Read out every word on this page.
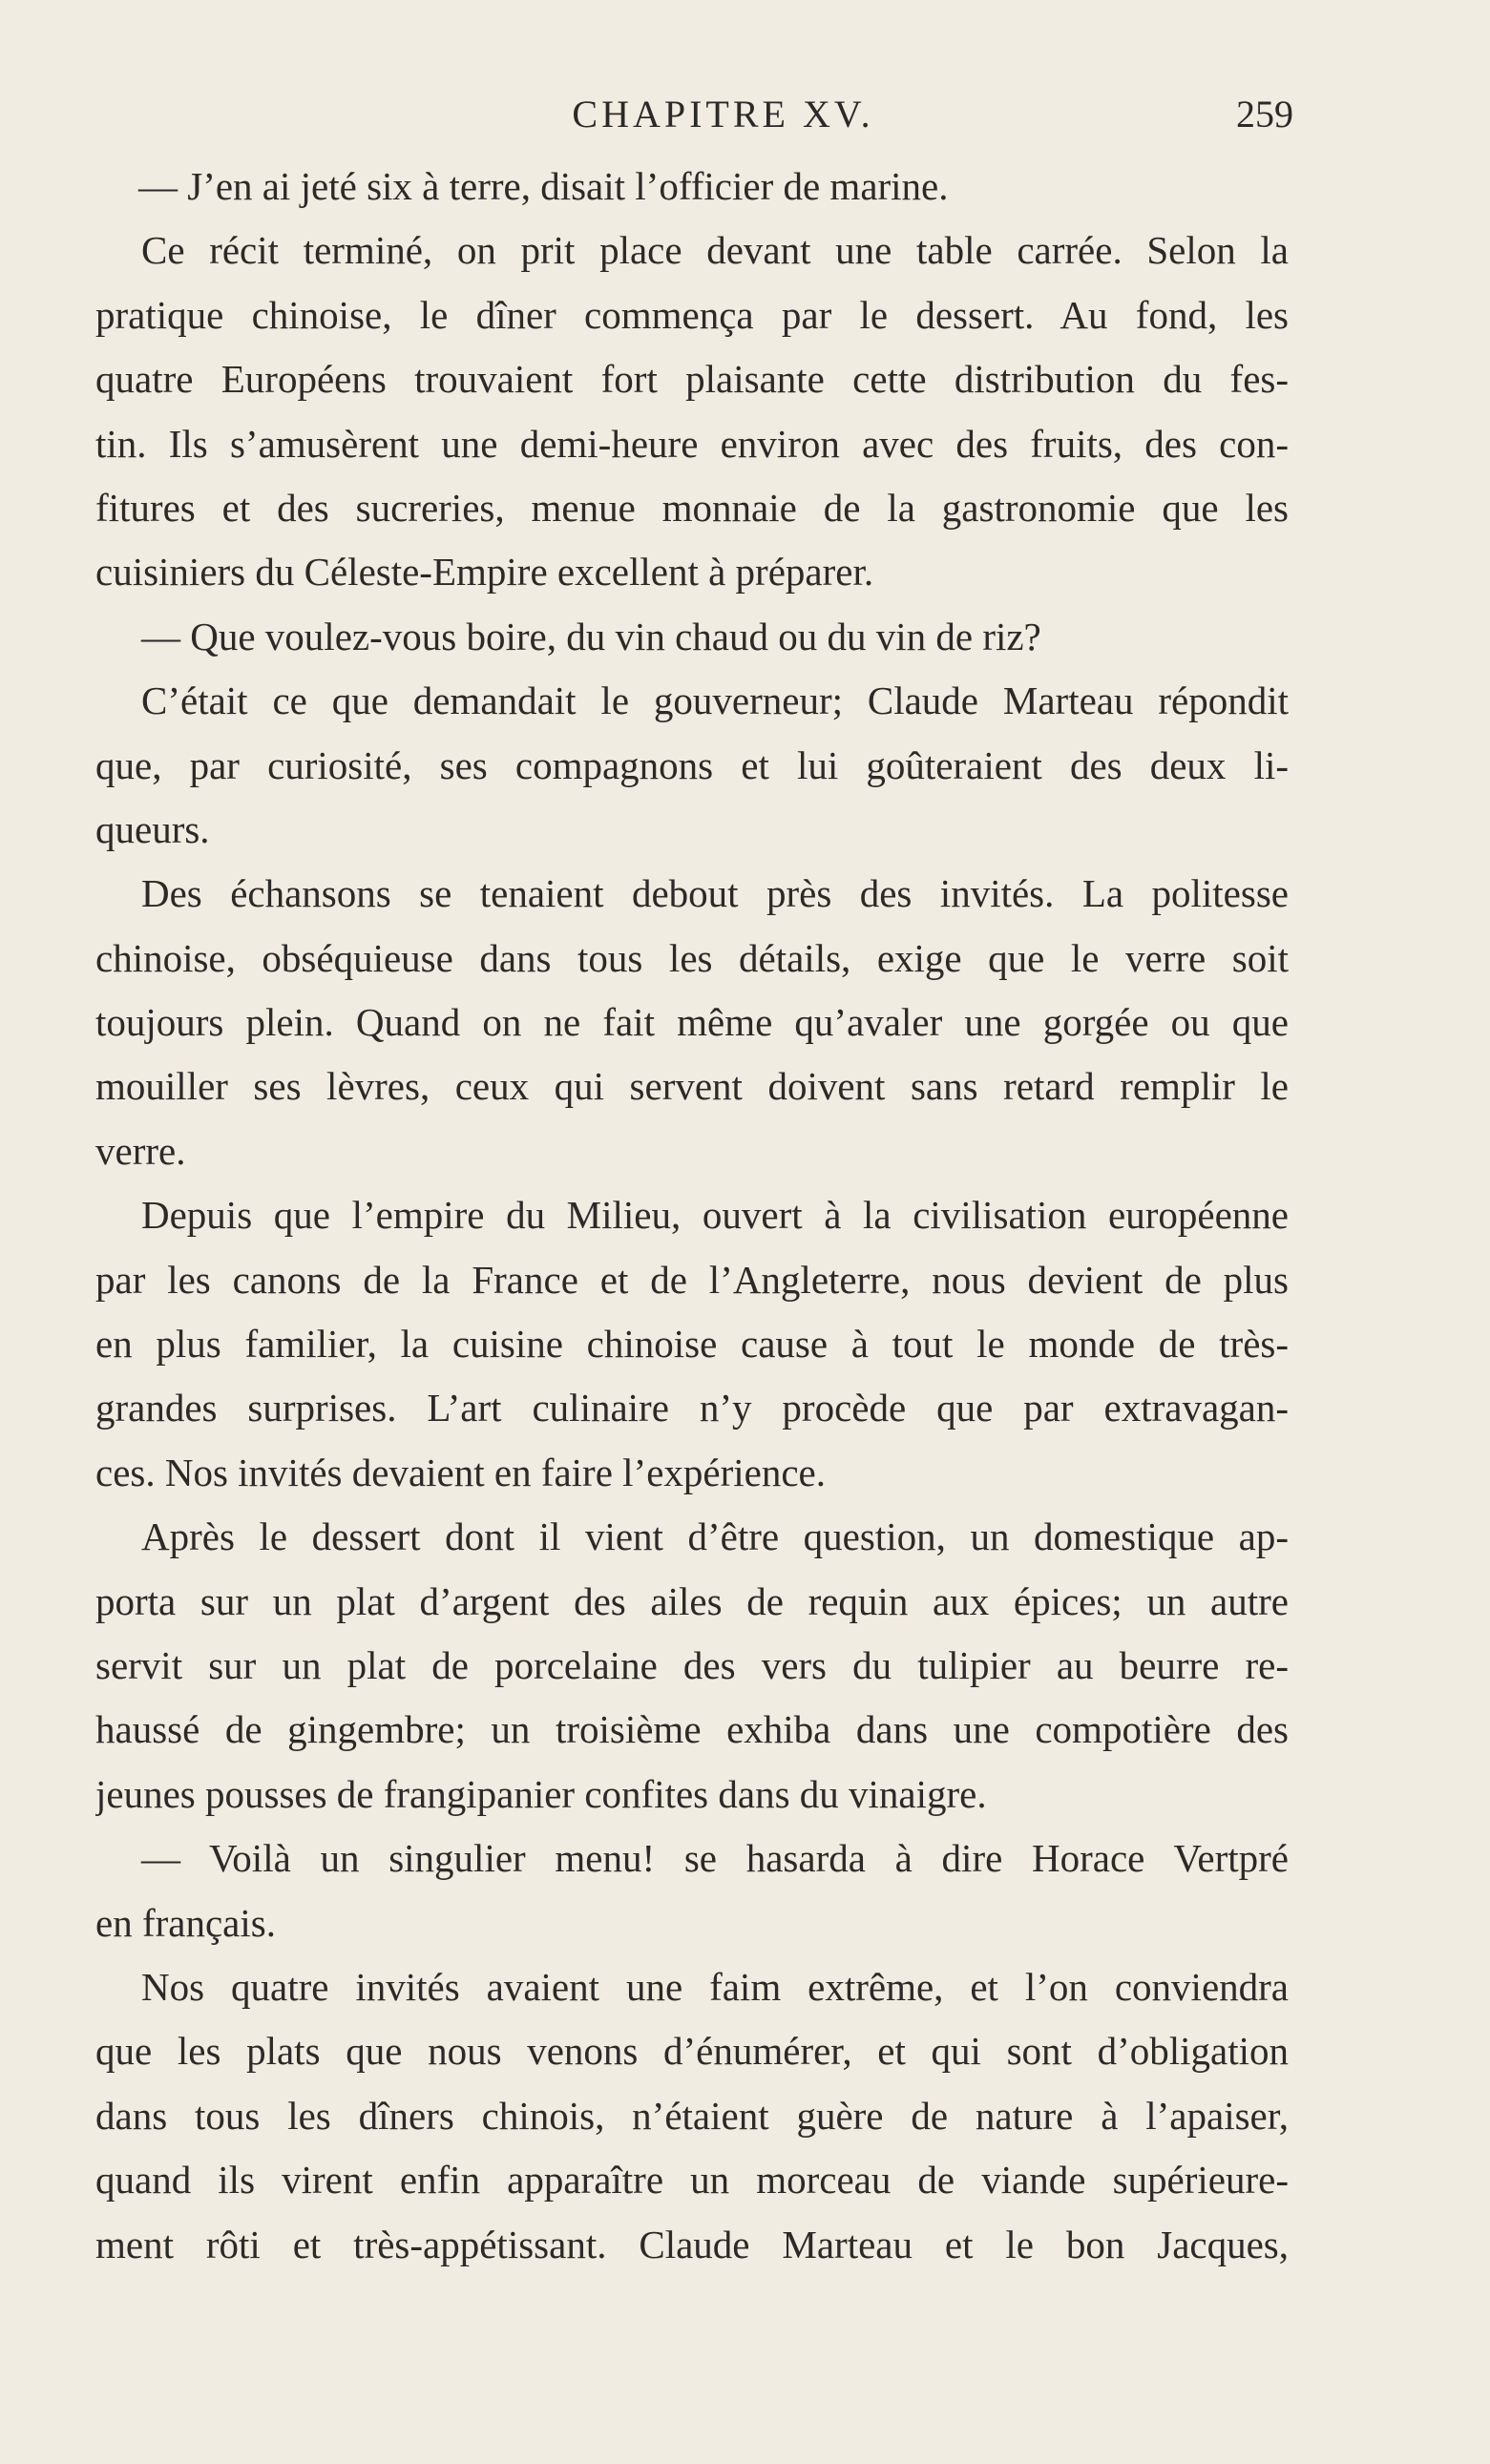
CHAPITRE XV.	259
— J’en ai jeté six à terre, disait l’officier de marine.
Ce récit terminé, on prit place devant une table carrée. Selon la
pratique chinoise, le dîner commença par le dessert. Au fond, les
quatre Européens trouvaient fort plaisante cette distribution du fes-
tin. Ils s’amusèrent une demi-heure environ avec des fruits, des con-
fitures et des sucreries, menue monnaie de la gastronomie que les
cuisiniers du Céleste-Empire excellent à préparer.
— Que voulez-vous boire, du vin chaud ou du vin de riz?
C’était ce que demandait le gouverneur; Claude Marteau répondit
que, par curiosité, ses compagnons et lui goûteraient des deux li-
queurs.
Des échansons se tenaient debout près des invités. La politesse
chinoise, obséquieuse dans tous les détails, exige que le verre soit
toujours plein. Quand on ne fait même qu’avaler une gorgée ou que
mouiller ses lèvres, ceux qui servent doivent sans retard remplir le
verre.
Depuis que l’empire du Milieu, ouvert à la civilisation européenne
par les canons de la France et de l’Angleterre, nous devient de plus
en plus familier, la cuisine chinoise cause à tout le monde de très-
grandes surprises. L’art culinaire n’y procède que par extravagan-
ces. Nos invités devaient en faire l’expérience.
Après le dessert dont il vient d’être question, un domestique ap-
porta sur un plat d’argent des ailes de requin aux épices; un autre
servit sur un plat de porcelaine des vers du tulipier au beurre re-
haussé de gingembre; un troisième exhiba dans une compotière des
jeunes pousses de frangipanier confites dans du vinaigre.
— Voilà un singulier menu! se hasarda à dire Horace Vertpré
en français.
Nos quatre invités avaient une faim extrême, et l’on conviendra
que les plats que nous venons d’énumérer, et qui sont d’obligation
dans tous les dîners chinois, n’étaient guère de nature à l’apaiser,
quand ils virent enfin apparaître un morceau de viande supérieure-
ment rôti et très-appétissant. Claude Marteau et le bon Jacques,
